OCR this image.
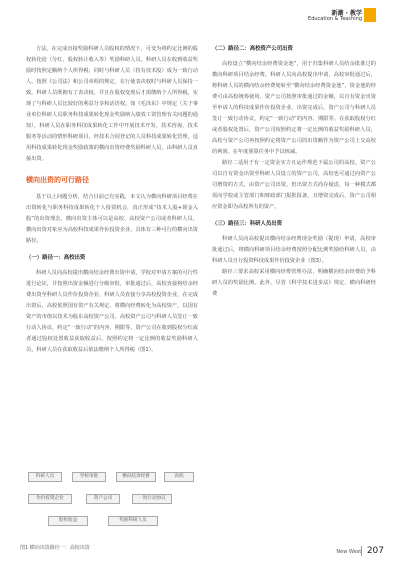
新潮 · 教学
Education & Teaching

方法。在完成直接奖励科研人员股权的情况下，可变为将约定比例的股权转化给（分红、股权转让收入等）奖励科研人员。科研人员在收到收益奖励时按照定额纳个人所得税；同时与科研人员（持有技术股）成为一致行动人。按照《公司法》和公司章程的规定，在行使表决权时与科研人员保持一致。科研人员既拥有了表决权，并且在股权变现后才需缴纳个人所得税，实现了与科研人员比较好的利益分享和话语权。如《毛泽东》中规定（关于事业单位科研人员职务科技成果转化现金奖励纳入绩效工资管理有关问题的通知），科研人员在职务科技成果转化工作中开展技术开发、技术咨询、技术服务等活动的情形科研项目，经技术合同登记的人员科技成果转化管理，适用科技成果转化现金奖励政策的横向出资经费奖励科研人员，由科研人员直接出资。

横向出资的可行路径

基于以上问题分析，结合目前已有实践，本文认为横向科研项目经费在出资转化与职务科技成果转化个人投资机会，真正形成“技术人股+现金入股”的出资理念，横向出资主体可以是高校、高校资产公司或者科研人员。横向出资对象应为高校科技成果作价投资企业，具体有三种可行的横向出资路径。

（一）路径一：高校出资

科研人员向高校提出横向结余经费出资申请，学校对申请方案的可行性进行论证，并按照出资金额进行分级审批，审批通过后，高校直接将结余经费出资至科研人员作价投资企业，科研人员直接分享高校投资企业，在完成出资后，高校依照国有资产有关规定，将横向经费转化为高校资产，以国有资产的市值以技术为股东高校资产公司，高校资产公司与科研人员签订一致行动人协议，约定“一致行动”的内容、期限等。资产公司在收到股权分红或者通过股权处置收益获取收益后，按照约定将一定比例的收益奖励科研人员，科研人员在获取收益后依法缴纳个人所得税（图1）。

（二）路径二：高校资产公司出资

高校设立“横向结余经费资金池”，用于归集科研人员结余批准过的横向科研项目结余经费。科研人员向高校提出申请，高校审批通过后，将科研人员的横向结余经费划转至“横向结余经费资金池”，资金池的经费可由高校统筹使用。资产公司按照审批通过的金额，以自有资金出资至申请人的科技成果作价投资企业。出资完成后，资产公司与科研人员签订一致行动协议，约定“一致行动”的内容、期限等。在获取股权分红或者股权处置后，资产公司按照约定将一定比例的收益奖励科研人员，高校与资产公司再按照约定将资产公司的出资额作为资产公司上交高校的利润。在年度预算任务中予以核减。

路径二适用于有一定资金实力且运作规范下属公司的高校。资产公司以自有资金出资至科研人员设立的资产公司，高校也可通过向资产公司增资的方式，由资产公司出资。但出资方式尚存疑虑，每一种模式都需向学校或主管部门和财政部门报批报备，且增资完成后，资产公司相应资金即为高校所有的资产。

（三）路径三：科研人员出资

科研人员向高校提出横向结余经费现金奖励（提现）申请，高校审批通过后，将横向科研项目结余经费按照分配比例奖励给科研人员，由科研人员自行投资科技成果作价投资企业（图3）。

路径三要求高校采用横向经费管理办法，明确横向结余经费给予科研人员的奖励比例。此外，尽管《科学技术进步法》规定，横向科研经费

科研人员	学校审批	横向结余经费	高校
作价投资企业	资产公司	一致行动协议
股权收益	奖励科研人员
图1 横向出资路径一：高校出资
New West 207
